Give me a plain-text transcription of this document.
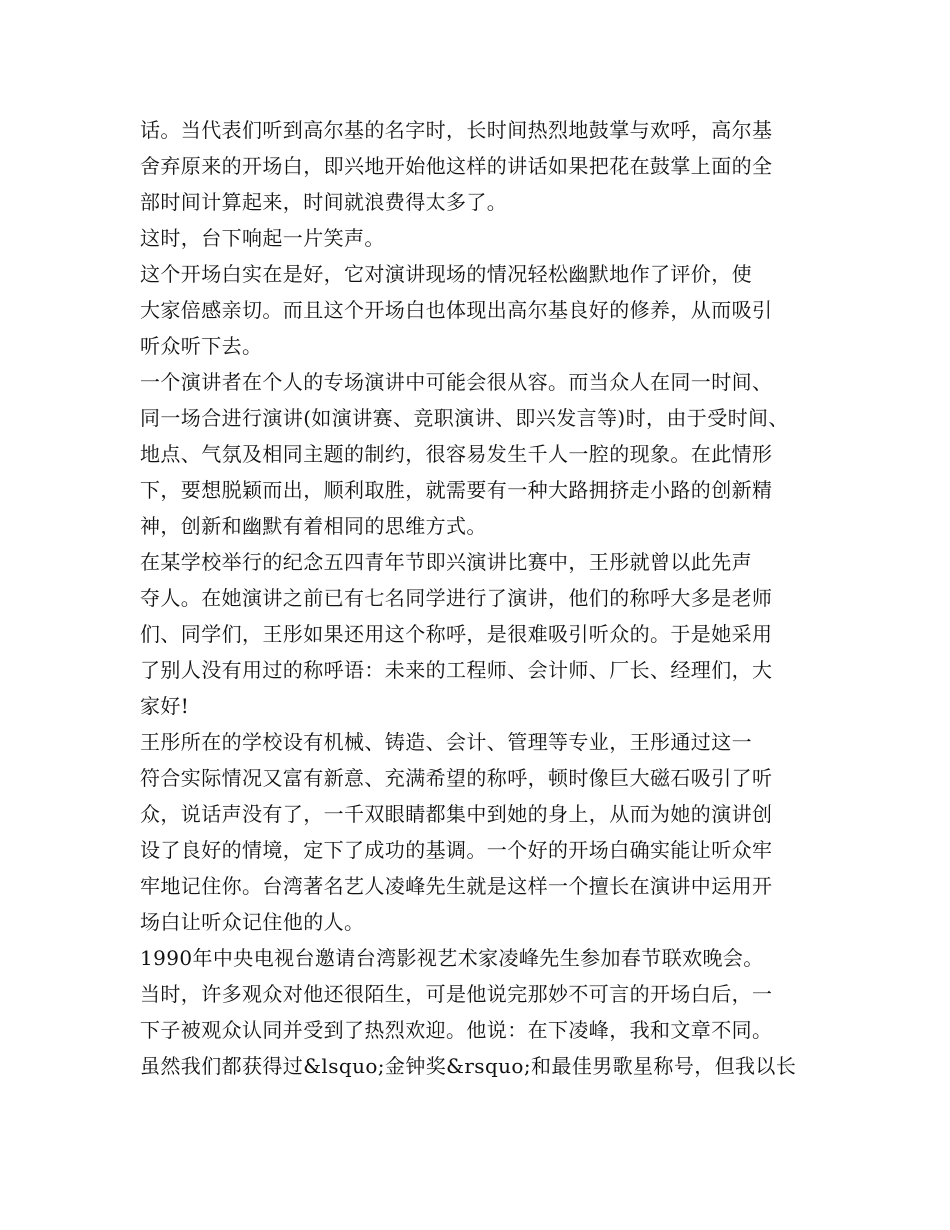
话。当代表们听到高尔基的名字时，长时间热烈地鼓掌与欢呼，高尔基
舍弃原来的开场白，即兴地开始他这样的讲话如果把花在鼓掌上面的全
部时间计算起来，时间就浪费得太多了。
这时，台下响起一片笑声。
这个开场白实在是好，它对演讲现场的情况轻松幽默地作了评价，使
大家倍感亲切。而且这个开场白也体现出高尔基良好的修养，从而吸引
听众听下去。
一个演讲者在个人的专场演讲中可能会很从容。而当众人在同一时间、
同一场合进行演讲(如演讲赛、竞职演讲、即兴发言等)时，由于受时间、
地点、气氛及相同主题的制约，很容易发生千人一腔的现象。在此情形
下，要想脱颖而出，顺利取胜，就需要有一种大路拥挤走小路的创新精
神，创新和幽默有着相同的思维方式。
在某学校举行的纪念五四青年节即兴演讲比赛中，王彤就曾以此先声
夺人。在她演讲之前已有七名同学进行了演讲，他们的称呼大多是老师
们、同学们，王彤如果还用这个称呼，是很难吸引听众的。于是她采用
了别人没有用过的称呼语：未来的工程师、会计师、厂长、经理们，大
家好!
王彤所在的学校设有机械、铸造、会计、管理等专业，王彤通过这一
符合实际情况又富有新意、充满希望的称呼，顿时像巨大磁石吸引了听
众，说话声没有了，一千双眼睛都集中到她的身上，从而为她的演讲创
设了良好的情境，定下了成功的基调。一个好的开场白确实能让听众牢
牢地记住你。台湾著名艺人凌峰先生就是这样一个擅长在演讲中运用开
场白让听众记住他的人。
1990年中央电视台邀请台湾影视艺术家凌峰先生参加春节联欢晚会。
当时，许多观众对他还很陌生，可是他说完那妙不可言的开场白后，一
下子被观众认同并受到了热烈欢迎。他说：在下凌峰，我和文章不同。
虽然我们都获得过&lsquo;金钟奖&rsquo;和最佳男歌星称号，但我以长
